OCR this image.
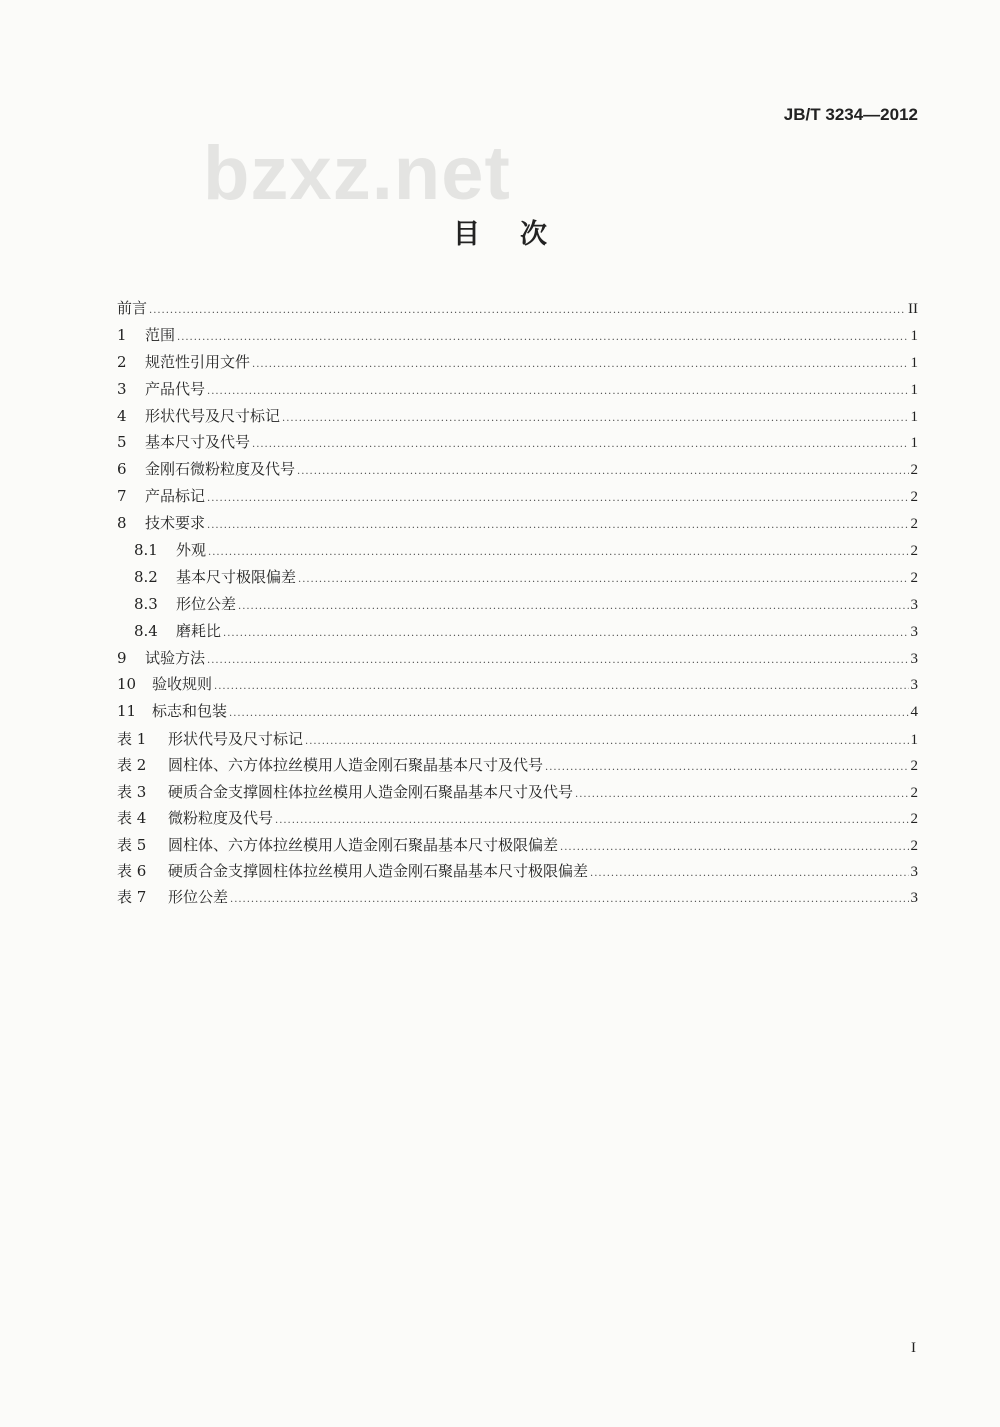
bzxz.net
JB/T 3234—2012
目次
前言 .....	II
1	范围 .....	1
2	规范性引用文件 .....	1
3	产品代号 .....	1
4	形状代号及尺寸标记 .....	1
5	基本尺寸及代号 .....	1
6	金刚石微粉粒度及代号 .....	2
7	产品标记 .....	2
8	技术要求 .....	2
8.1	外观 .....	2
8.2	基本尺寸极限偏差 .....	2
8.3	形位公差 .....	3
8.4	磨耗比 .....	3
9	试验方法 .....	3
10	验收规则 .....	3
11	标志和包装 .....	4
表 1	形状代号及尺寸标记 .....	1
表 2	圆柱体、六方体拉丝模用人造金刚石聚晶基本尺寸及代号 .....	2
表 3	硬质合金支撑圆柱体拉丝模用人造金刚石聚晶基本尺寸及代号 .....	2
表 4	微粉粒度及代号 .....	2
表 5	圆柱体、六方体拉丝模用人造金刚石聚晶基本尺寸极限偏差 .....	2
表 6	硬质合金支撑圆柱体拉丝模用人造金刚石聚晶基本尺寸极限偏差 .....	3
表 7	形位公差 .....	3
I
